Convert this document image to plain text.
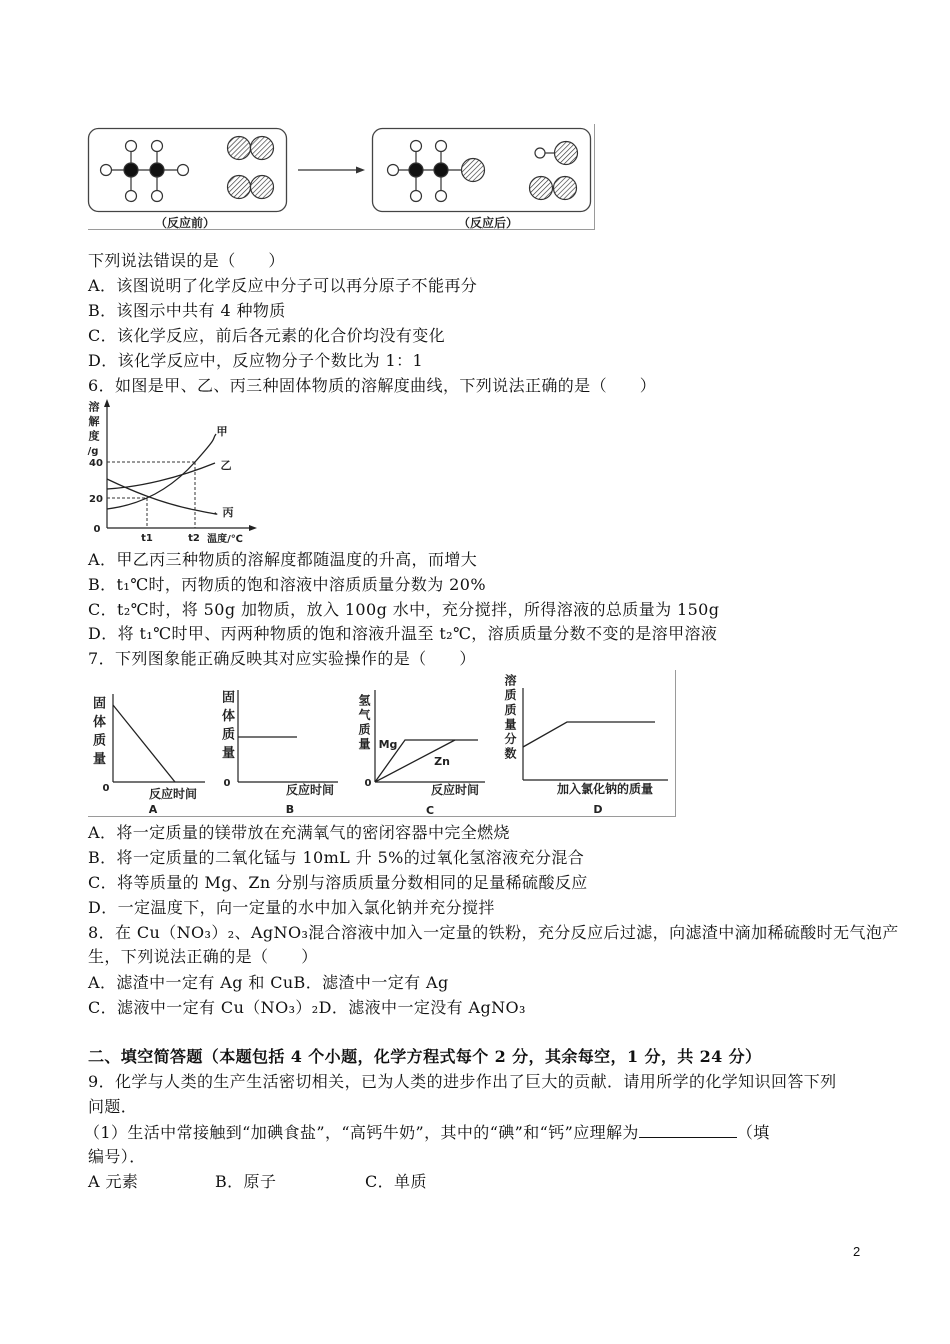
（反应前）	（反应后）
下列说法错误的是（　　）
A．该图说明了化学反应中分子可以再分原子不能再分
B．该图示中共有 4 种物质
C．该化学反应，前后各元素的化合价均没有变化
D．该化学反应中，反应物分子个数比为 1：1
6．如图是甲、乙、丙三种固体物质的溶解度曲线，下列说法正确的是（　　）
/g
40
20
0
t1	t2 温度/℃
甲
乙
丙
溶解度
A．甲乙丙三种物质的溶解度都随温度的升高，而增大
B．t₁℃时，丙物质的饱和溶液中溶质质量分数为 20%
C．t₂℃时，将 50g 加物质，放入 100g 水中，充分搅拌，所得溶液的总质量为 150g
D．将 t₁℃时甲、丙两种物质的饱和溶液升温至 t₂℃，溶质质量分数不变的是溶甲溶液
7．下列图象能正确反映其对应实验操作的是（　　）
0	反应时间
A
0	反应时间
B
Mg
Zn
0	反应时间
C
加入氯化钠的质量
D
固体质量	固体质量	氢气质量	溶质质量分数
A．将一定质量的镁带放在充满氧气的密闭容器中完全燃烧
B．将一定质量的二氧化锰与 10mL 升 5%的过氧化氢溶液充分混合
C．将等质量的 Mg、Zn 分别与溶质质量分数相同的足量稀硫酸反应
D．一定温度下，向一定量的水中加入氯化钠并充分搅拌
8．在 Cu（NO₃）₂、AgNO₃混合溶液中加入一定量的铁粉，充分反应后过滤，向滤渣中滴加稀硫酸时无气泡产
生，下列说法正确的是（　　）
A．滤渣中一定有 Ag 和 CuB．滤渣中一定有 Ag
C．滤液中一定有 Cu（NO₃）₂D．滤液中一定没有 AgNO₃
二、填空简答题（本题包括 4 个小题，化学方程式每个 2 分，其余每空，1 分，共 24 分）
9．化学与人类的生产生活密切相关，已为人类的进步作出了巨大的贡献．请用所学的化学知识回答下列
问题．
（1）生活中常接触到“加碘食盐”，“高钙牛奶”，其中的“碘”和“钙”应理解为	（填
编号）．
A 元素	B．原子	C．单质
2
